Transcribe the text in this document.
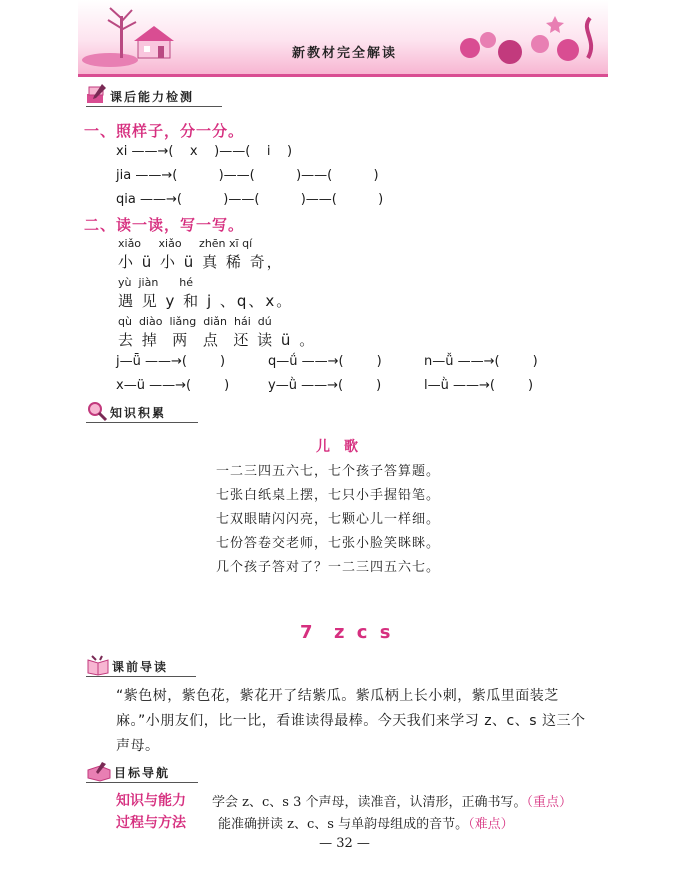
新教材完全解读
课后能力检测
一、照样子，分一分。
xi ——→(    x    )——(    i    )
jia ——→(          )——(          )——(          )
qia ——→(          )——(          )——(          )
二、读一读，写一写。
xiǎo     xiǎo     zhēn xī qí
小 ü 小 ü 真 稀 奇，
yù  jiàn      hé
遇 见 y 和 j 、q、x。
qù  diào  liǎng  diǎn  hái  dú
去 掉  两  点  还 读 ü 。
j—ǖ ——→(        )	q—ǘ ——→(        )	n—ǚ ——→(        )
x—ü ——→(        )	y—ǜ ——→(        )	l—ǜ ——→(        )
知识积累
儿歌
一二三四五六七，七个孩子答算题。
七张白纸桌上摆，七只小手握铅笔。
七双眼睛闪闪亮，七颗心儿一样细。
七份答卷交老师，七张小脸笑眯眯。
几个孩子答对了？一二三四五六七。
7  z c s
课前导读
“紫色树，紫色花，紫花开了结紫瓜。紫瓜柄上长小刺，紫瓜里面装芝
麻。”小朋友们，比一比，看谁读得最棒。今天我们来学习 z、c、s 这三个
声母。
目标导航
知识与能力 学会 z、c、s 3 个声母，读准音，认清形，正确书写。（重点）
过程与方法 能准确拼读 z、c、s 与单韵母组成的音节。（难点）
— 32 —
